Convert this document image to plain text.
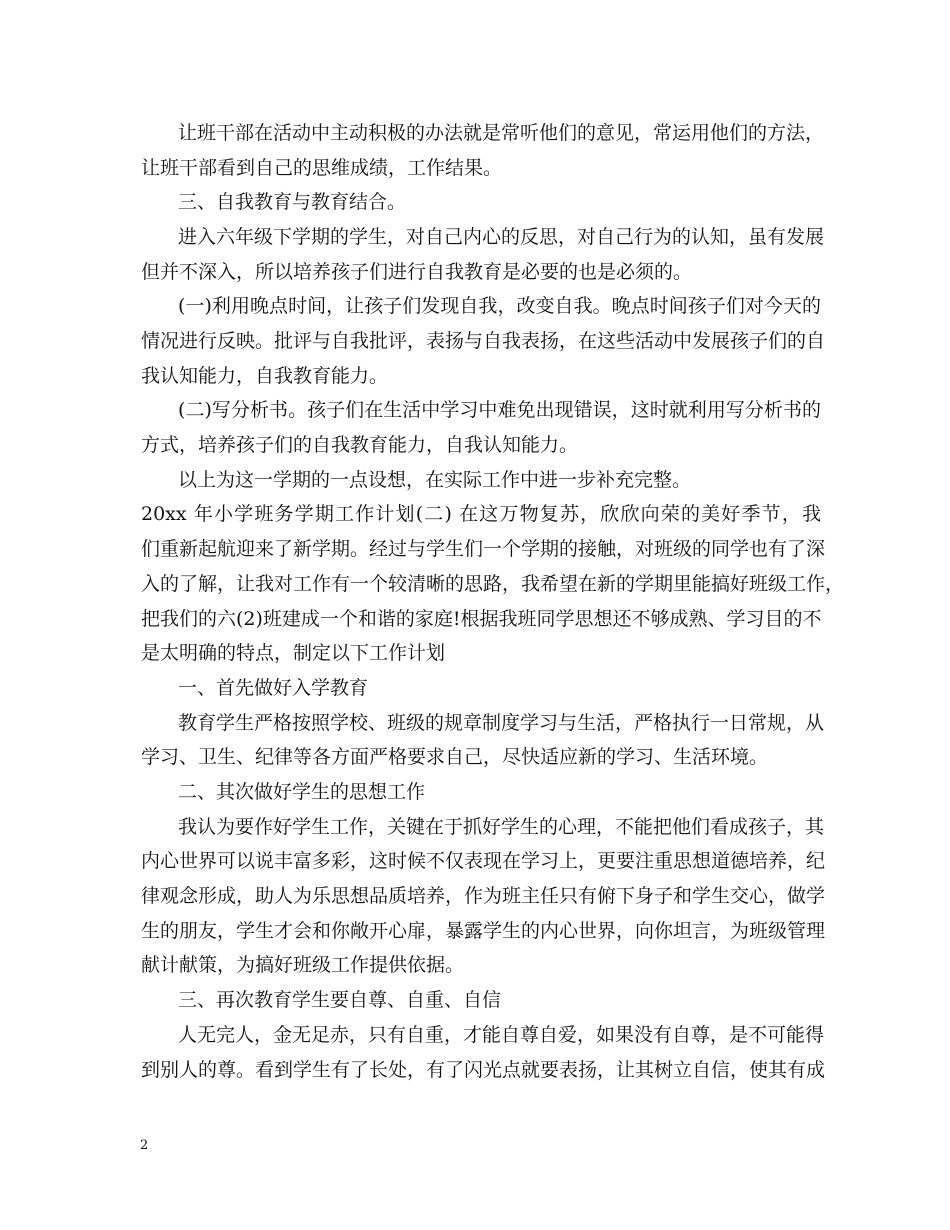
让班干部在活动中主动积极的办法就是常听他们的意见，常运用他们的方法，
让班干部看到自己的思维成绩，工作结果。
三、自我教育与教育结合。
进入六年级下学期的学生，对自己内心的反思，对自己行为的认知，虽有发展
但并不深入，所以培养孩子们进行自我教育是必要的也是必须的。
(一)利用晚点时间，让孩子们发现自我，改变自我。晚点时间孩子们对今天的
情况进行反映。批评与自我批评，表扬与自我表扬，在这些活动中发展孩子们的自
我认知能力，自我教育能力。
(二)写分析书。孩子们在生活中学习中难免出现错误，这时就利用写分析书的
方式，培养孩子们的自我教育能力，自我认知能力。
以上为这一学期的一点设想，在实际工作中进一步补充完整。
20xx 年小学班务学期工作计划(二) 在这万物复苏，欣欣向荣的美好季节，我
们重新起航迎来了新学期。经过与学生们一个学期的接触，对班级的同学也有了深
入的了解，让我对工作有一个较清晰的思路，我希望在新的学期里能搞好班级工作，
把我们的六(2)班建成一个和谐的家庭!根据我班同学思想还不够成熟、学习目的不
是太明确的特点，制定以下工作计划
一、首先做好入学教育
教育学生严格按照学校、班级的规章制度学习与生活，严格执行一日常规，从
学习、卫生、纪律等各方面严格要求自己，尽快适应新的学习、生活环境。
二、其次做好学生的思想工作
我认为要作好学生工作，关键在于抓好学生的心理，不能把他们看成孩子，其
内心世界可以说丰富多彩，这时候不仅表现在学习上，更要注重思想道德培养，纪
律观念形成，助人为乐思想品质培养，作为班主任只有俯下身子和学生交心，做学
生的朋友，学生才会和你敞开心扉，暴露学生的内心世界，向你坦言，为班级管理
献计献策，为搞好班级工作提供依据。
三、再次教育学生要自尊、自重、自信
人无完人，金无足赤，只有自重，才能自尊自爱，如果没有自尊，是不可能得
到别人的尊。看到学生有了长处，有了闪光点就要表扬，让其树立自信，使其有成
2
